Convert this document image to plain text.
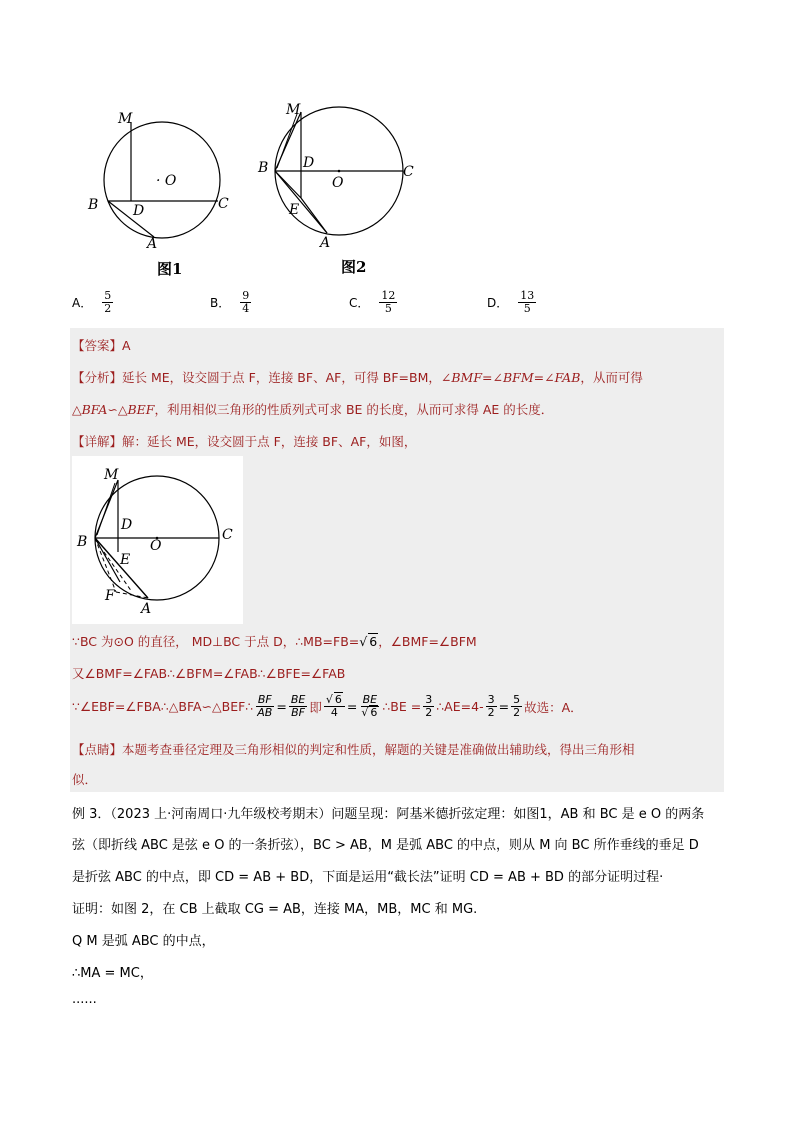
M
· O
B D	C
A
图1
M
B D
O
C
E
A
图2
A． $\frac{5}{2}$	B． $\frac{9}{4}$	C． $\frac{12}{5}$	D． $\frac{13}{5}$
【答案】A
【分析】延长 ME，设交圆于点 F，连接 BF、AF，可得 BF=BM，∠BMF=∠BFM=∠FAB，从而可得
△BFA∽△BEF，利用相似三角形的性质列式可求 BE 的长度，从而可求得 AE 的长度．
【详解】解：延长 ME，设交圆于点 F，连接 BF、AF，如图，
M
D
B	O
C
E
F
A
∵BC 为⊙O 的直径， MD⊥BC 于点 D，∴MB=FB=√ 6，∠BMF=∠BFM
又∠BMF=∠FAB∴∠BFM=∠FAB∴∠BFE=∠FAB
∵∠EBF=∠FBA∴△BFA∽△BEF∴ $\frac{BF}{AB} = \frac{BE}{BF}$ 即 $\frac{√ 6}{4} = \frac{BE}{√ 6}$ ∴BE = $\frac{3}{2}$ ∴AE=4- $\frac{3}{2} = \frac{5}{2}$ 故选：A．
【点睛】本题考查垂径定理及三角形相似的判定和性质，解题的关键是准确做出辅助线，得出三角形相
似．
例 3．（2023 上·河南周口·九年级校考期末）问题呈现：阿基米德折弦定理：如图1，AB 和 BC 是 e O 的两条
弦（即折线 ABC 是弦 e O 的一条折弦），BC > AB，M 是弧 ABC 的中点，则从 M 向 BC 所作垂线的垂足 D
是折弦 ABC 的中点，即 CD = AB + BD，下面是运用“截长法”证明 CD = AB + BD 的部分证明过程·
证明：如图 2，在 CB 上截取 CG = AB，连接 MA，MB，MC 和 MG.
Q M 是弧 ABC 的中点，
∴MA = MC，
......
